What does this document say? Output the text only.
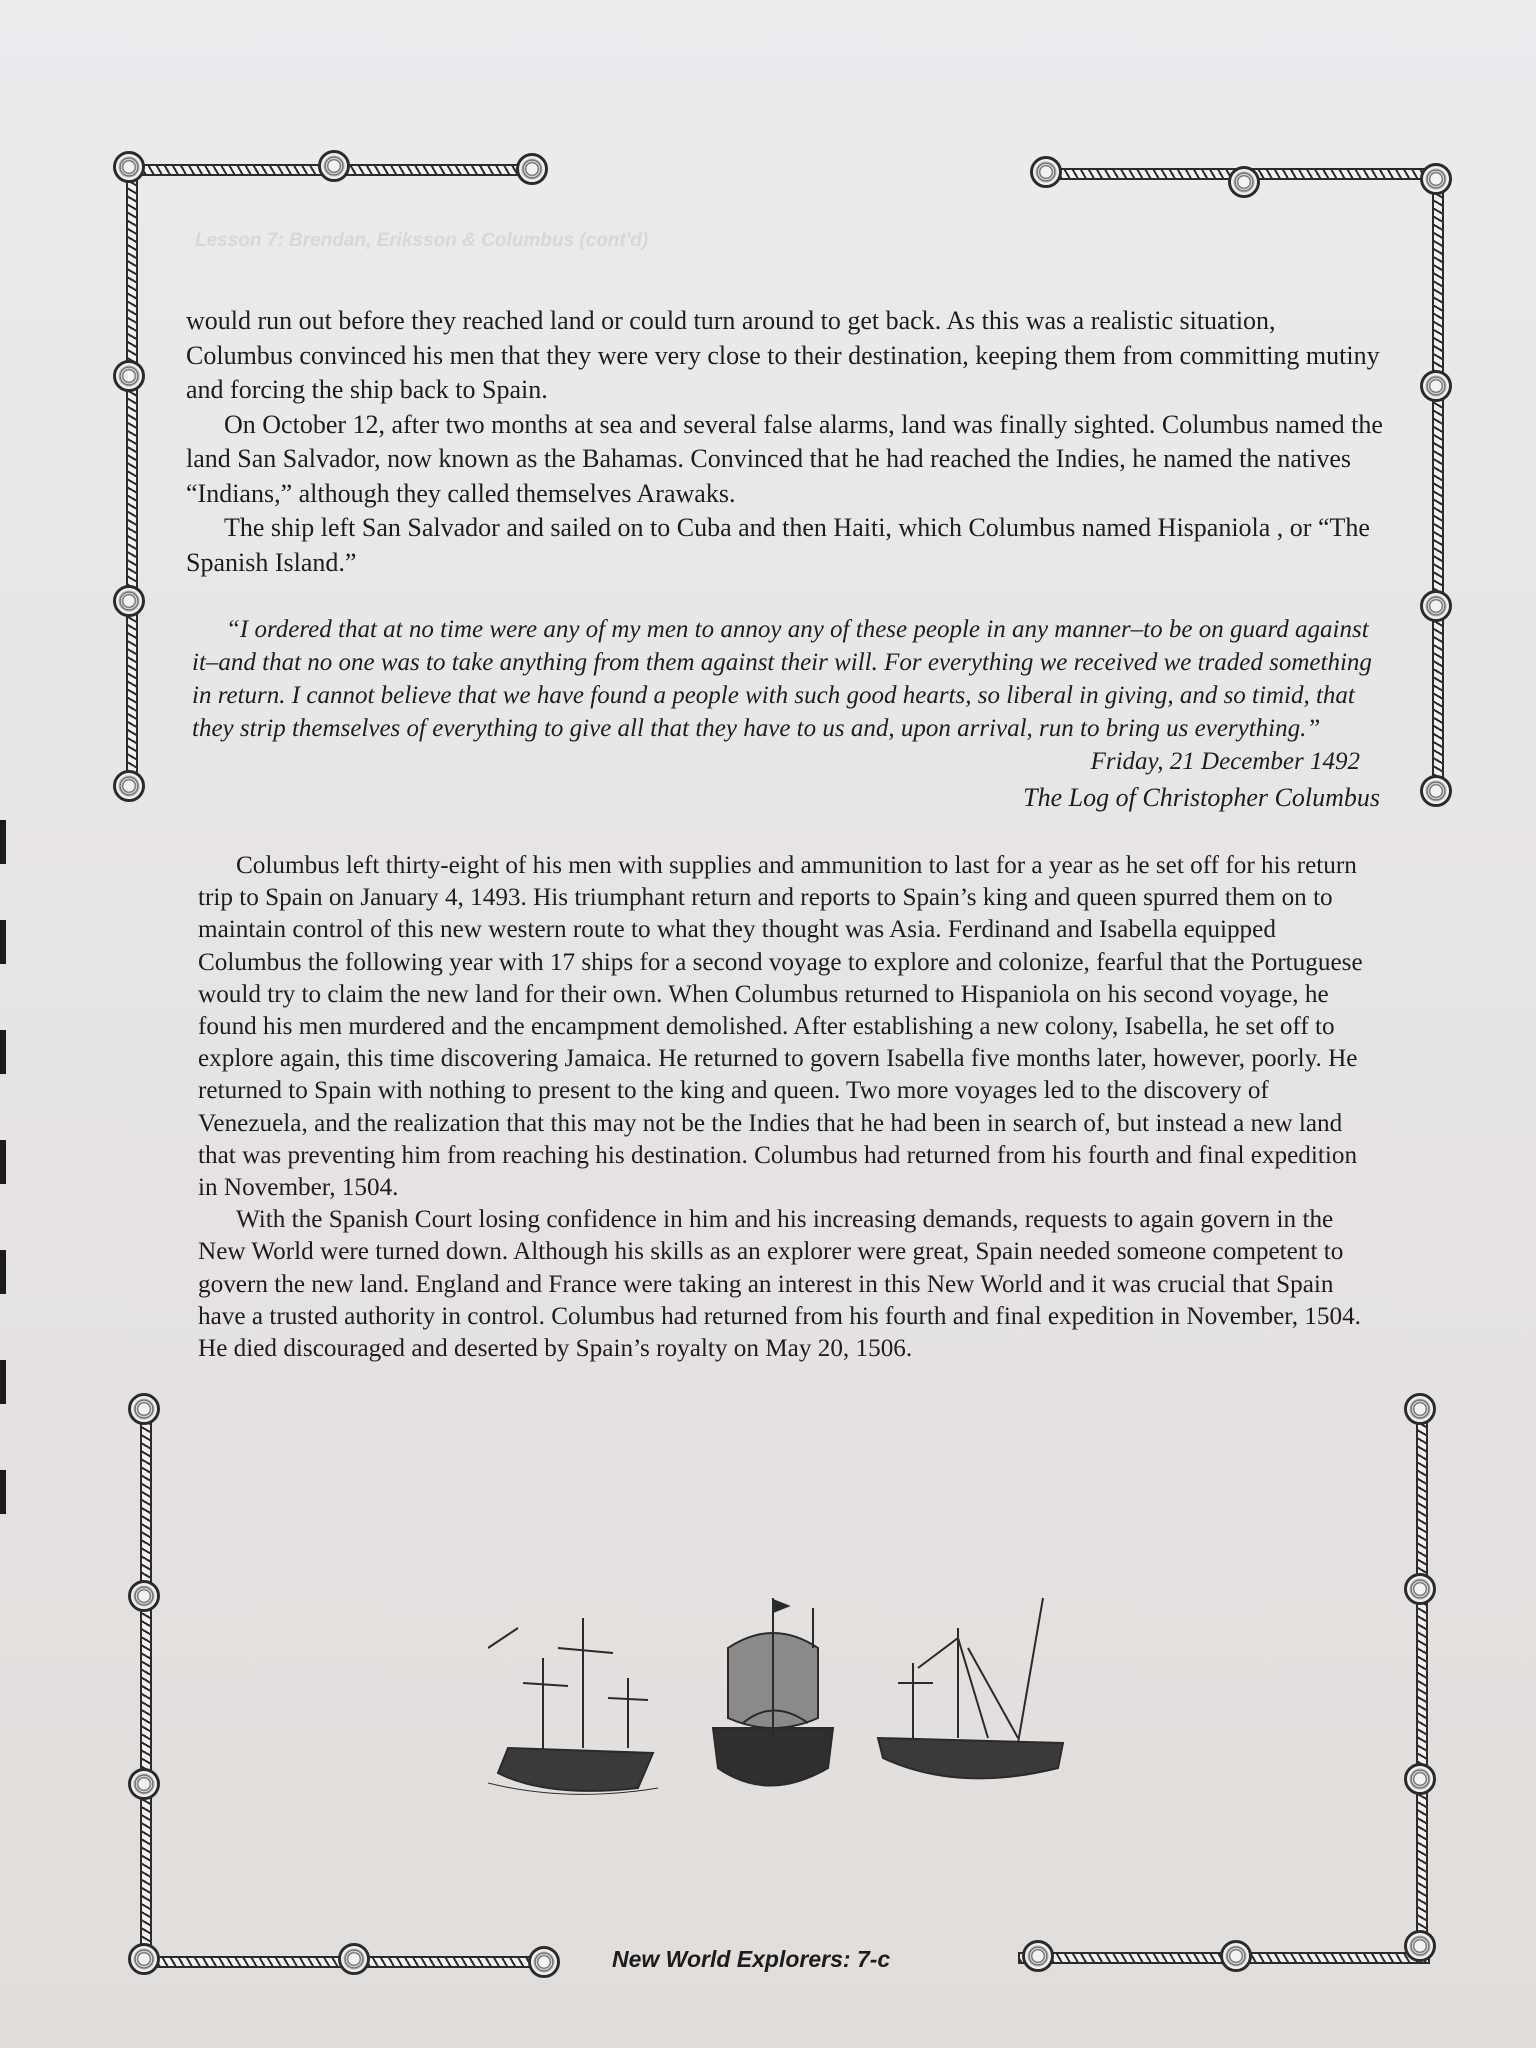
Lesson 7: Brendan, Eriksson & Columbus (cont'd)

would run out before they reached land or could turn around to get back. As this was a realistic situation, Columbus convinced his men that they were very close to their destination, keeping them from committing mutiny and forcing the ship back to Spain.

On October 12, after two months at sea and several false alarms, land was finally sighted. Columbus named the land San Salvador, now known as the Bahamas. Convinced that he had reached the Indies, he named the natives “Indians,” although they called themselves Arawaks.

The ship left San Salvador and sailed on to Cuba and then Haiti, which Columbus named Hispaniola , or “The Spanish Island.”

“I ordered that at no time were any of my men to annoy any of these people in any manner–to be on guard against it–and that no one was to take anything from them against their will. For everything we received we traded something in return. I cannot believe that we have found a people with such good hearts, so liberal in giving, and so timid, that they strip themselves of everything to give all that they have to us and, upon arrival, run to bring us everything.”

Friday, 21 December 1492

The Log of Christopher Columbus

Columbus left thirty-eight of his men with supplies and ammunition to last for a year as he set off for his return trip to Spain on January 4, 1493. His triumphant return and reports to Spain’s king and queen spurred them on to maintain control of this new western route to what they thought was Asia. Ferdinand and Isabella equipped Columbus the following year with 17 ships for a second voyage to explore and colonize, fearful that the Portuguese would try to claim the new land for their own. When Columbus returned to Hispaniola on his second voyage, he found his men murdered and the encampment demolished. After establishing a new colony, Isabella, he set off to explore again, this time discovering Jamaica. He returned to govern Isabella five months later, however, poorly. He returned to Spain with nothing to present to the king and queen. Two more voyages led to the discovery of Venezuela, and the realization that this may not be the Indies that he had been in search of, but instead a new land that was preventing him from reaching his destination. Columbus had returned from his fourth and final expedition in November, 1504.

With the Spanish Court losing confidence in him and his increasing demands, requests to again govern in the New World were turned down. Although his skills as an explorer were great, Spain needed someone competent to govern the new land. England and France were taking an interest in this New World and it was crucial that Spain have a trusted authority in control. Columbus had returned from his fourth and final expedition in November, 1504. He died discouraged and deserted by Spain’s royalty on May 20, 1506.

New World Explorers: 7-c
